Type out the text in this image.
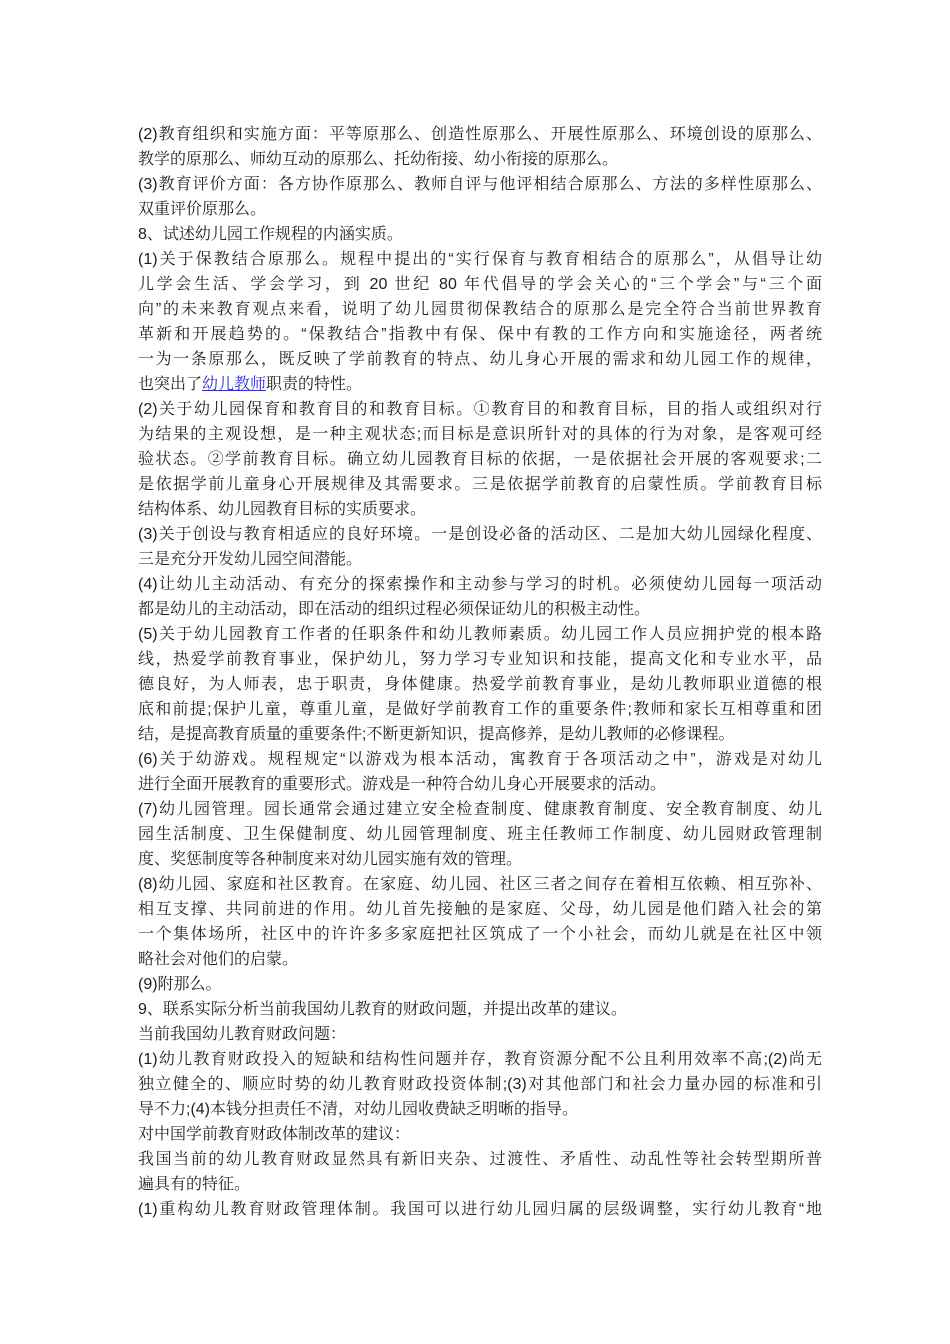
(2)教育组织和实施方面：平等原那么、创造性原那么、开展性原那么、环境创设的原那么、
教学的原那么、师幼互动的原那么、托幼衔接、幼小衔接的原那么。
(3)教育评价方面：各方协作原那么、教师自评与他评相结合原那么、方法的多样性原那么、
双重评价原那么。
8、试述幼儿园工作规程的内涵实质。
(1)关于保教结合原那么。规程中提出的“实行保育与教育相结合的原那么”，从倡导让幼
儿学会生活、学会学习，到 20 世纪 80 年代倡导的学会关心的“三个学会”与“三个面
向”的未来教育观点来看，说明了幼儿园贯彻保教结合的原那么是完全符合当前世界教育
革新和开展趋势的。“保教结合”指教中有保、保中有教的工作方向和实施途径，两者统
一为一条原那么，既反映了学前教育的特点、幼儿身心开展的需求和幼儿园工作的规律，
也突出了幼儿教师职责的特性。
(2)关于幼儿园保育和教育目的和教育目标。①教育目的和教育目标，目的指人或组织对行
为结果的主观设想，是一种主观状态;而目标是意识所针对的具体的行为对象，是客观可经
验状态。②学前教育目标。确立幼儿园教育目标的依据，一是依据社会开展的客观要求;二
是依据学前儿童身心开展规律及其需要求。三是依据学前教育的启蒙性质。学前教育目标
结构体系、幼儿园教育目标的实质要求。
(3)关于创设与教育相适应的良好环境。一是创设必备的活动区、二是加大幼儿园绿化程度、
三是充分开发幼儿园空间潜能。
(4)让幼儿主动活动、有充分的探索操作和主动参与学习的时机。必须使幼儿园每一项活动
都是幼儿的主动活动，即在活动的组织过程必须保证幼儿的积极主动性。
(5)关于幼儿园教育工作者的任职条件和幼儿教师素质。幼儿园工作人员应拥护党的根本路
线，热爱学前教育事业，保护幼儿，努力学习专业知识和技能，提高文化和专业水平，品
德良好，为人师表，忠于职责，身体健康。热爱学前教育事业，是幼儿教师职业道德的根
底和前提;保护儿童，尊重儿童，是做好学前教育工作的重要条件;教师和家长互相尊重和团
结，是提高教育质量的重要条件;不断更新知识，提高修养，是幼儿教师的必修课程。
(6)关于幼游戏。规程规定“以游戏为根本活动，寓教育于各项活动之中”，游戏是对幼儿
进行全面开展教育的重要形式。游戏是一种符合幼儿身心开展要求的活动。
(7)幼儿园管理。园长通常会通过建立安全检查制度、健康教育制度、安全教育制度、幼儿
园生活制度、卫生保健制度、幼儿园管理制度、班主任教师工作制度、幼儿园财政管理制
度、奖惩制度等各种制度来对幼儿园实施有效的管理。
(8)幼儿园、家庭和社区教育。在家庭、幼儿园、社区三者之间存在着相互依赖、相互弥补、
相互支撑、共同前进的作用。幼儿首先接触的是家庭、父母，幼儿园是他们踏入社会的第
一个集体场所，社区中的许许多多家庭把社区筑成了一个小社会，而幼儿就是在社区中领
略社会对他们的启蒙。
(9)附那么。
9、联系实际分析当前我国幼儿教育的财政问题，并提出改革的建议。
当前我国幼儿教育财政问题：
(1)幼儿教育财政投入的短缺和结构性问题并存，教育资源分配不公且利用效率不高;(2)尚无
独立健全的、顺应时势的幼儿教育财政投资体制;(3)对其他部门和社会力量办园的标准和引
导不力;(4)本钱分担责任不清，对幼儿园收费缺乏明晰的指导。
对中国学前教育财政体制改革的建议：
我国当前的幼儿教育财政显然具有新旧夹杂、过渡性、矛盾性、动乱性等社会转型期所普
遍具有的特征。
(1)重构幼儿教育财政管理体制。我国可以进行幼儿园归属的层级调整，实行幼儿教育“地
